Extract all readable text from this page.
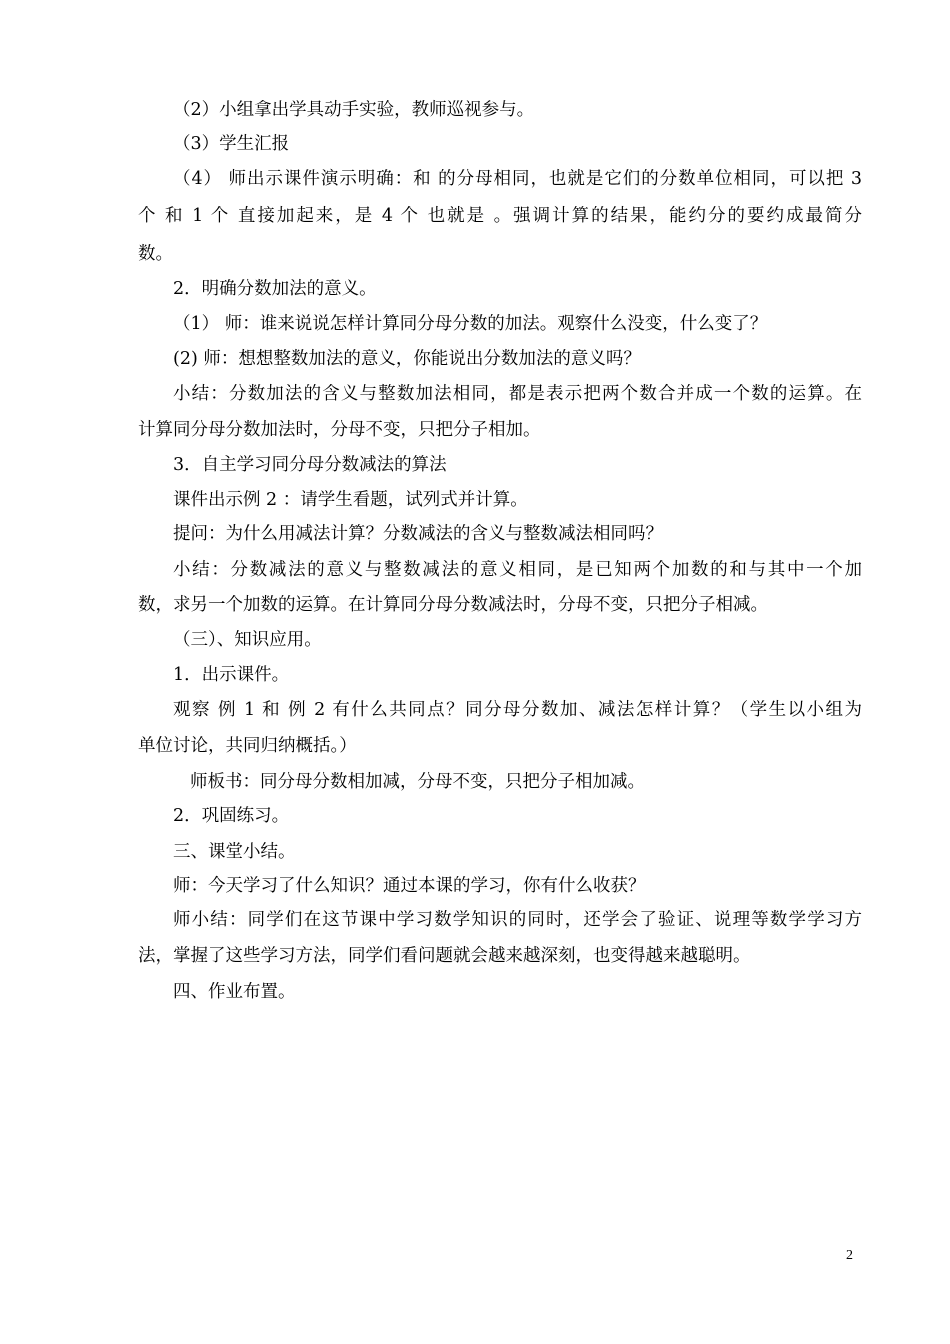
（2）小组拿出学具动手实验，教师巡视参与。
（3）学生汇报
（4） 师出示课件演示明确：和 的分母相同，也就是它们的分数单位相同，可以把 3
个 和 1 个 直接加起来，是 4 个 也就是 。强调计算的结果，能约分的要约成最简分
数。
2．明确分数加法的意义。
（1） 师：谁来说说怎样计算同分母分数的加法。观察什么没变，什么变了？
(2) 师：想想整数加法的意义，你能说出分数加法的意义吗？
小结：分数加法的含义与整数加法相同，都是表示把两个数合并成一个数的运算。在
计算同分母分数加法时，分母不变，只把分子相加。
3．自主学习同分母分数减法的算法
课件出示例 2 ：请学生看题，试列式并计算。
提问：为什么用减法计算？分数减法的含义与整数减法相同吗？
小结：分数减法的意义与整数减法的意义相同，是已知两个加数的和与其中一个加
数，求另一个加数的运算。在计算同分母分数减法时，分母不变，只把分子相减。
（三）、知识应用。
1．出示课件。
观察 例 1 和 例 2 有什么共同点？同分母分数加、减法怎样计算？（学生以小组为
单位讨论，共同归纳概括。）
师板书：同分母分数相加减，分母不变，只把分子相加减。
2．巩固练习。
三、课堂小结。
师：今天学习了什么知识？通过本课的学习，你有什么收获？
师小结：同学们在这节课中学习数学知识的同时，还学会了验证、说理等数学学习方
法，掌握了这些学习方法，同学们看问题就会越来越深刻，也变得越来越聪明。
四、作业布置。
2
